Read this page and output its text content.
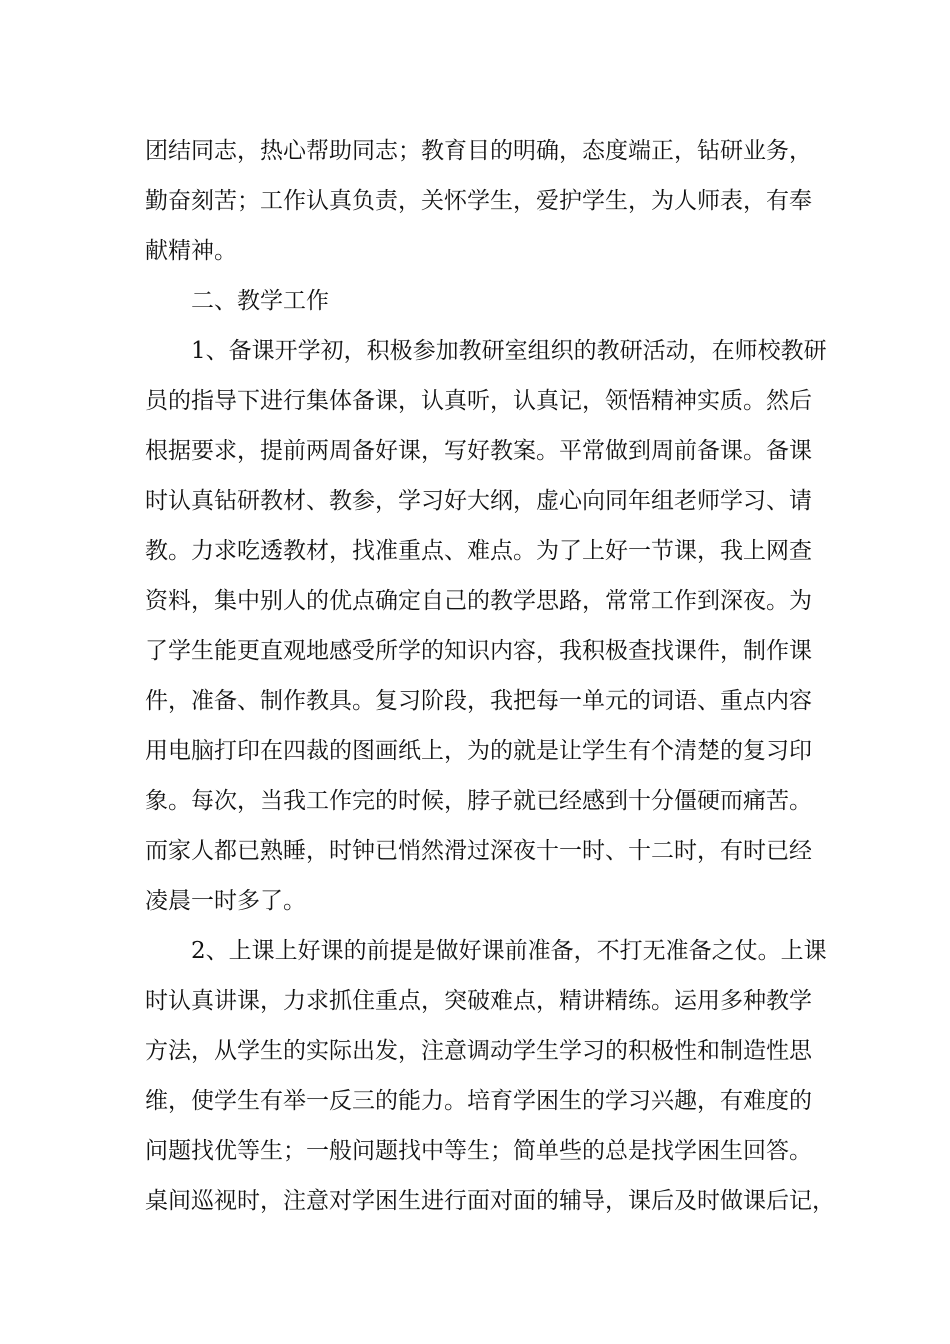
团结同志，热心帮助同志；教育目的明确，态度端正，钻研业务，
勤奋刻苦；工作认真负责，关怀学生，爱护学生，为人师表，有奉
献精神。
二、教学工作
1、备课开学初，积极参加教研室组织的教研活动，在师校教研
员的指导下进行集体备课，认真听，认真记，领悟精神实质。然后
根据要求，提前两周备好课，写好教案。平常做到周前备课。备课
时认真钻研教材、教参，学习好大纲，虚心向同年组老师学习、请
教。力求吃透教材，找准重点、难点。为了上好一节课，我上网查
资料，集中别人的优点确定自己的教学思路，常常工作到深夜。为
了学生能更直观地感受所学的知识内容，我积极查找课件，制作课
件，准备、制作教具。复习阶段，我把每一单元的词语、重点内容
用电脑打印在四裁的图画纸上，为的就是让学生有个清楚的复习印
象。每次，当我工作完的时候，脖子就已经感到十分僵硬而痛苦。
而家人都已熟睡，时钟已悄然滑过深夜十一时、十二时，有时已经
凌晨一时多了。
2、上课上好课的前提是做好课前准备，不打无准备之仗。上课
时认真讲课，力求抓住重点，突破难点，精讲精练。运用多种教学
方法，从学生的实际出发，注意调动学生学习的积极性和制造性思
维，使学生有举一反三的能力。培育学困生的学习兴趣，有难度的
问题找优等生；一般问题找中等生；简单些的总是找学困生回答。
桌间巡视时，注意对学困生进行面对面的辅导，课后及时做课后记，
